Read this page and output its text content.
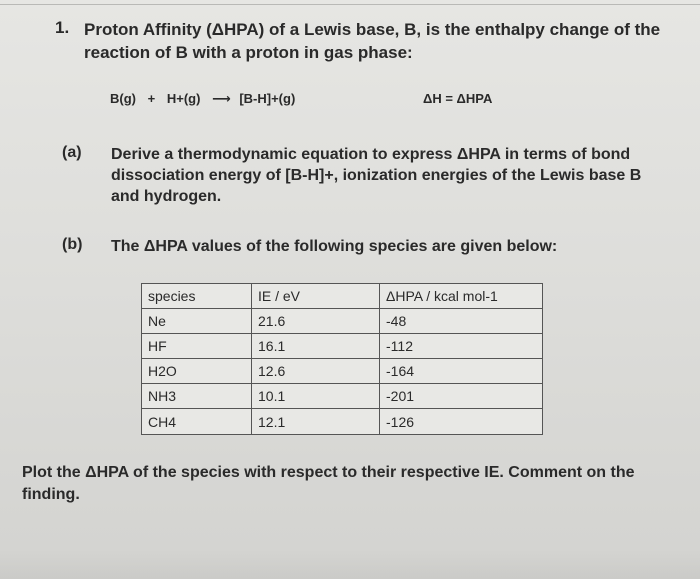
1. Proton Affinity (ΔHPA) of a Lewis base, B, is the enthalpy change of the reaction of B with a proton in gas phase:
B(g) + H+(g) ⟶ [B-H]+(g)	ΔH = ΔHPA
(a) Derive a thermodynamic equation to express ΔHPA in terms of bond dissociation energy of [B-H]+, ionization energies of the Lewis base B and hydrogen.
(b) The ΔHPA values of the following species are given below:
species	IE / eV	ΔHPA / kcal mol-1
Ne	21.6	-48
HF	16.1	-112
H2O	12.6	-164
NH3	10.1	-201
CH4	12.1	-126
Plot the ΔHPA of the species with respect to their respective IE. Comment on the finding.
